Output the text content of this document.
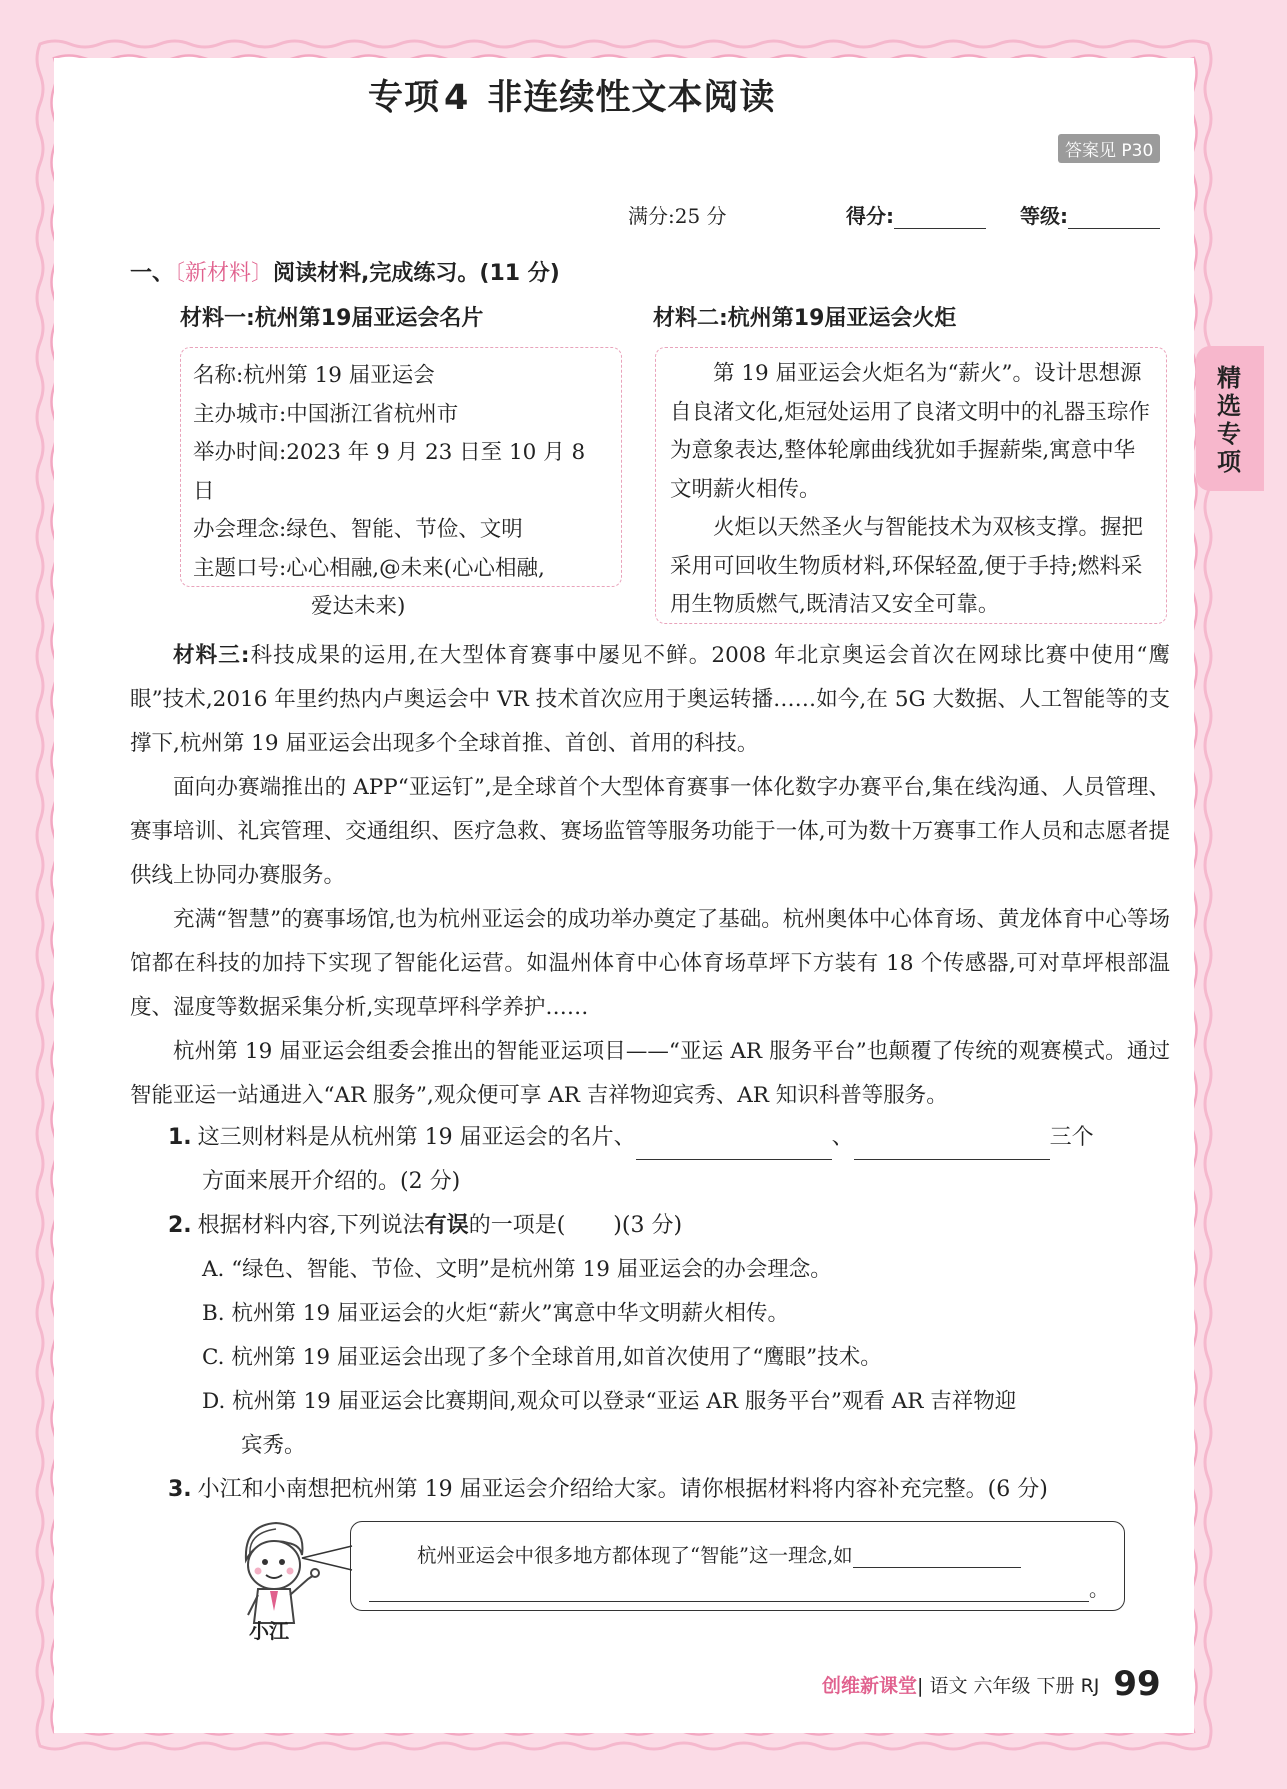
专项 4 非连续性文本阅读
答案见 P30
满分:25 分	得分:	等级:
精选专项
一、〔新材料〕阅读材料,完成练习。(11 分)
材料一:杭州第19届亚运会名片	材料二:杭州第19届亚运会火炬
名称:杭州第 19 届亚运会
主办城市:中国浙江省杭州市
举办时间:2023 年 9 月 23 日至 10 月 8 日
办会理念:绿色、智能、节俭、文明
主题口号:心心相融,@未来(心心相融,
爱达未来)

第 19 届亚运会火炬名为“薪火”。设计思想源自良渚文化,炬冠处运用了良渚文明中的礼器玉琮作为意象表达,整体轮廓曲线犹如手握薪柴,寓意中华文明薪火相传。

火炬以天然圣火与智能技术为双核支撑。握把采用可回收生物质材料,环保轻盈,便于手持;燃料采用生物质燃气,既清洁又安全可靠。

材料三:科技成果的运用,在大型体育赛事中屡见不鲜。2008 年北京奥运会首次在网球比赛中使用“鹰眼”技术,2016 年里约热内卢奥运会中 VR 技术首次应用于奥运转播……如今,在 5G 大数据、人工智能等的支撑下,杭州第 19 届亚运会出现多个全球首推、首创、首用的科技。

面向办赛端推出的 APP“亚运钉”,是全球首个大型体育赛事一体化数字办赛平台,集在线沟通、人员管理、赛事培训、礼宾管理、交通组织、医疗急救、赛场监管等服务功能于一体,可为数十万赛事工作人员和志愿者提供线上协同办赛服务。

充满“智慧”的赛事场馆,也为杭州亚运会的成功举办奠定了基础。杭州奥体中心体育场、黄龙体育中心等场馆都在科技的加持下实现了智能化运营。如温州体育中心体育场草坪下方装有 18 个传感器,可对草坪根部温度、湿度等数据采集分析,实现草坪科学养护……

杭州第 19 届亚运会组委会推出的智能亚运项目——“亚运 AR 服务平台”也颠覆了传统的观赛模式。通过智能亚运一站通进入“AR 服务”,观众便可享 AR 吉祥物迎宾秀、AR 知识科普等服务。

1. 这三则材料是从杭州第 19 届亚运会的名片、	、	三个
方面来展开介绍的。(2 分)
2. 根据材料内容,下列说法有误的一项是( )(3 分)
A. “绿色、智能、节俭、文明”是杭州第 19 届亚运会的办会理念。
B. 杭州第 19 届亚运会的火炬“薪火”寓意中华文明薪火相传。
C. 杭州第 19 届亚运会出现了多个全球首用,如首次使用了“鹰眼”技术。
D. 杭州第 19 届亚运会比赛期间,观众可以登录“亚运 AR 服务平台”观看 AR 吉祥物迎
宾秀。
3. 小江和小南想把杭州第 19 届亚运会介绍给大家。请你根据材料将内容补充完整。(6 分)
小江
杭州亚运会中很多地方都体现了“智能”这一理念,如
。
创维新课堂| 语文 六年级 下册 RJ 99
